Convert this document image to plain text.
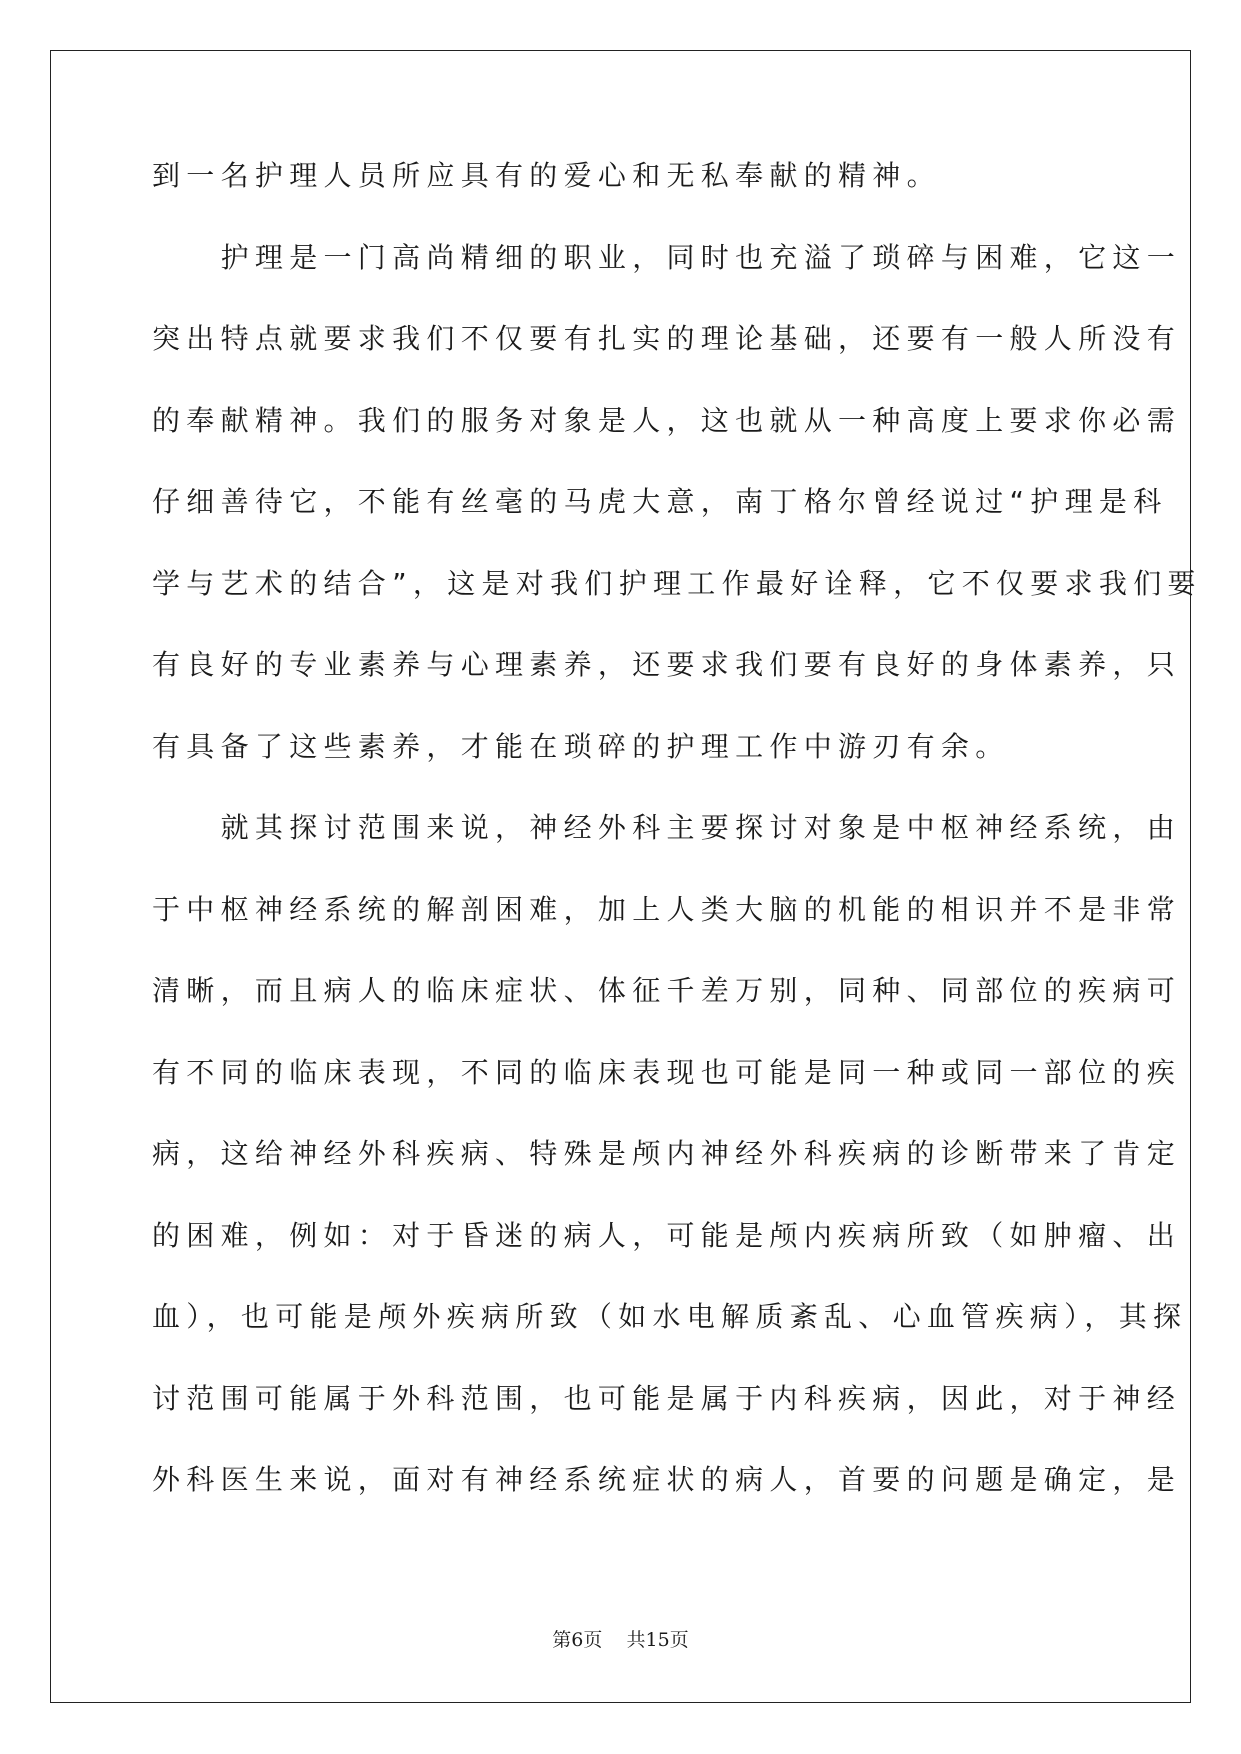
到一名护理人员所应具有的爱心和无私奉献的精神。
　　护理是一门高尚精细的职业，同时也充溢了琐碎与困难，它这一
突出特点就要求我们不仅要有扎实的理论基础，还要有一般人所没有
的奉献精神。我们的服务对象是人，这也就从一种高度上要求你必需
仔细善待它，不能有丝毫的马虎大意，南丁格尔曾经说过“护理是科
学与艺术的结合”，这是对我们护理工作最好诠释，它不仅要求我们要
有良好的专业素养与心理素养，还要求我们要有良好的身体素养，只
有具备了这些素养，才能在琐碎的护理工作中游刃有余。
　　就其探讨范围来说，神经外科主要探讨对象是中枢神经系统，由
于中枢神经系统的解剖困难，加上人类大脑的机能的相识并不是非常
清晰，而且病人的临床症状、体征千差万别，同种、同部位的疾病可
有不同的临床表现，不同的临床表现也可能是同一种或同一部位的疾
病，这给神经外科疾病、特殊是颅内神经外科疾病的诊断带来了肯定
的困难，例如：对于昏迷的病人，可能是颅内疾病所致（如肿瘤、出
血），也可能是颅外疾病所致（如水电解质紊乱、心血管疾病），其探
讨范围可能属于外科范围，也可能是属于内科疾病，因此，对于神经
外科医生来说，面对有神经系统症状的病人，首要的问题是确定，是
第6页    共15页
